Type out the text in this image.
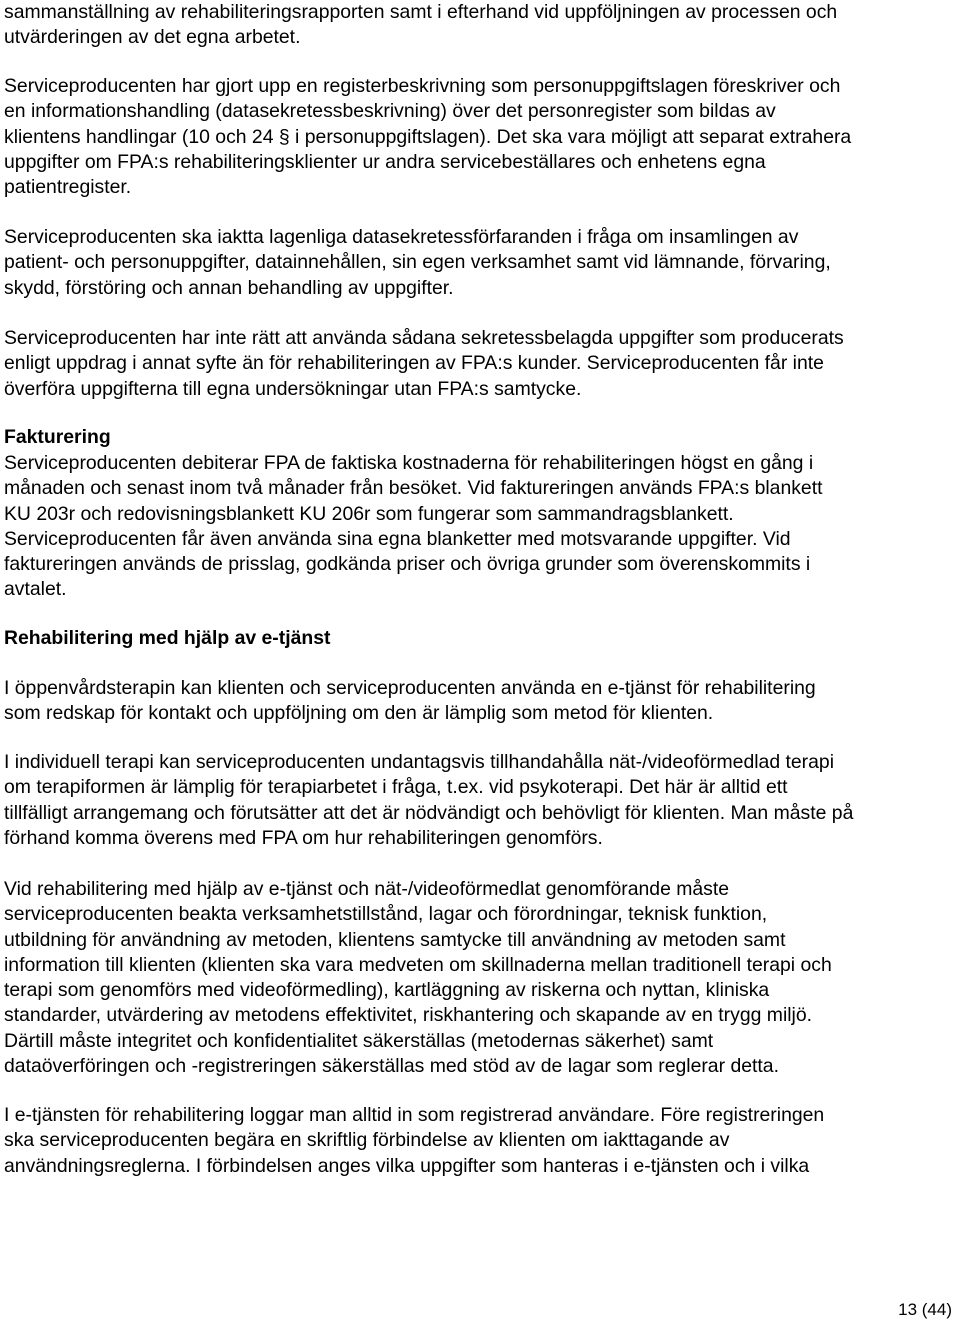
sammanställning av rehabiliteringsrapporten samt i efterhand vid uppföljningen av processen och
utvärderingen av det egna arbetet.

Serviceproducenten har gjort upp en registerbeskrivning som personuppgiftslagen föreskriver och
en informationshandling (datasekretessbeskrivning) över det personregister som bildas av
klientens handlingar (10 och 24 § i personuppgiftslagen). Det ska vara möjligt att separat extrahera
uppgifter om FPA:s rehabiliteringsklienter ur andra servicebeställares och enhetens egna
patientregister.

Serviceproducenten ska iaktta lagenliga datasekretessförfaranden i fråga om insamlingen av
patient- och personuppgifter, datainnehållen, sin egen verksamhet samt vid lämnande, förvaring,
skydd, förstöring och annan behandling av uppgifter.

Serviceproducenten har inte rätt att använda sådana sekretessbelagda uppgifter som producerats
enligt uppdrag i annat syfte än för rehabiliteringen av FPA:s kunder. Serviceproducenten får inte
överföra uppgifterna till egna undersökningar utan FPA:s samtycke.

Fakturering

Serviceproducenten debiterar FPA de faktiska kostnaderna för rehabiliteringen högst en gång i
månaden och senast inom två månader från besöket. Vid faktureringen används FPA:s blankett
KU 203r och redovisningsblankett KU 206r som fungerar som sammandragsblankett.
Serviceproducenten får även använda sina egna blanketter med motsvarande uppgifter. Vid
faktureringen används de prisslag, godkända priser och övriga grunder som överenskommits i
avtalet.

Rehabilitering med hjälp av e-tjänst

I öppenvårdsterapin kan klienten och serviceproducenten använda en e-tjänst för rehabilitering
som redskap för kontakt och uppföljning om den är lämplig som metod för klienten.

I individuell terapi kan serviceproducenten undantagsvis tillhandahålla nät-/videoförmedlad terapi
om terapiformen är lämplig för terapiarbetet i fråga, t.ex. vid psykoterapi. Det här är alltid ett
tillfälligt arrangemang och förutsätter att det är nödvändigt och behövligt för klienten. Man måste på
förhand komma överens med FPA om hur rehabiliteringen genomförs.

Vid rehabilitering med hjälp av e-tjänst och nät-/videoförmedlat genomförande måste
serviceproducenten beakta verksamhetstillstånd, lagar och förordningar, teknisk funktion,
utbildning för användning av metoden, klientens samtycke till användning av metoden samt
information till klienten (klienten ska vara medveten om skillnaderna mellan traditionell terapi och
terapi som genomförs med videoförmedling), kartläggning av riskerna och nyttan, kliniska
standarder, utvärdering av metodens effektivitet, riskhantering och skapande av en trygg miljö.
Därtill måste integritet och konfidentialitet säkerställas (metodernas säkerhet) samt
dataöverföringen och -registreringen säkerställas med stöd av de lagar som reglerar detta.

I e-tjänsten för rehabilitering loggar man alltid in som registrerad användare. Före registreringen
ska serviceproducenten begära en skriftlig förbindelse av klienten om iakttagande av
användningsreglerna. I förbindelsen anges vilka uppgifter som hanteras i e-tjänsten och i vilka

13 (44)
